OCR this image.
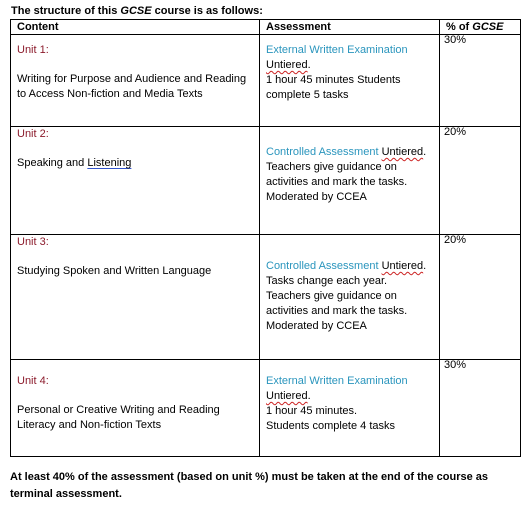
The structure of this GCSE course is as follows:
Content	Assessment	% of GCSE

Unit 1:
Writing for Purpose and Audience and Reading to Access Non-fiction and Media Texts	External Written Examination
Untiered.
1 hour 45 minutes Students complete 5 tasks	30%

Unit 2:
Speaking and Listening	Controlled Assessment Untiered. Teachers give guidance on activities and mark the tasks. Moderated by CCEA	20%

Unit 3:
Studying Spoken and Written Language	Controlled Assessment Untiered. Tasks change each year. Teachers give guidance on activities and mark the tasks. Moderated by CCEA	20%

Unit 4:
Personal or Creative Writing and Reading Literacy and Non-fiction Texts	External Written Examination
Untiered.
1 hour 45 minutes.
Students complete 4 tasks	30%
At least 40% of the assessment (based on unit %) must be taken at the end of the course as terminal assessment.
